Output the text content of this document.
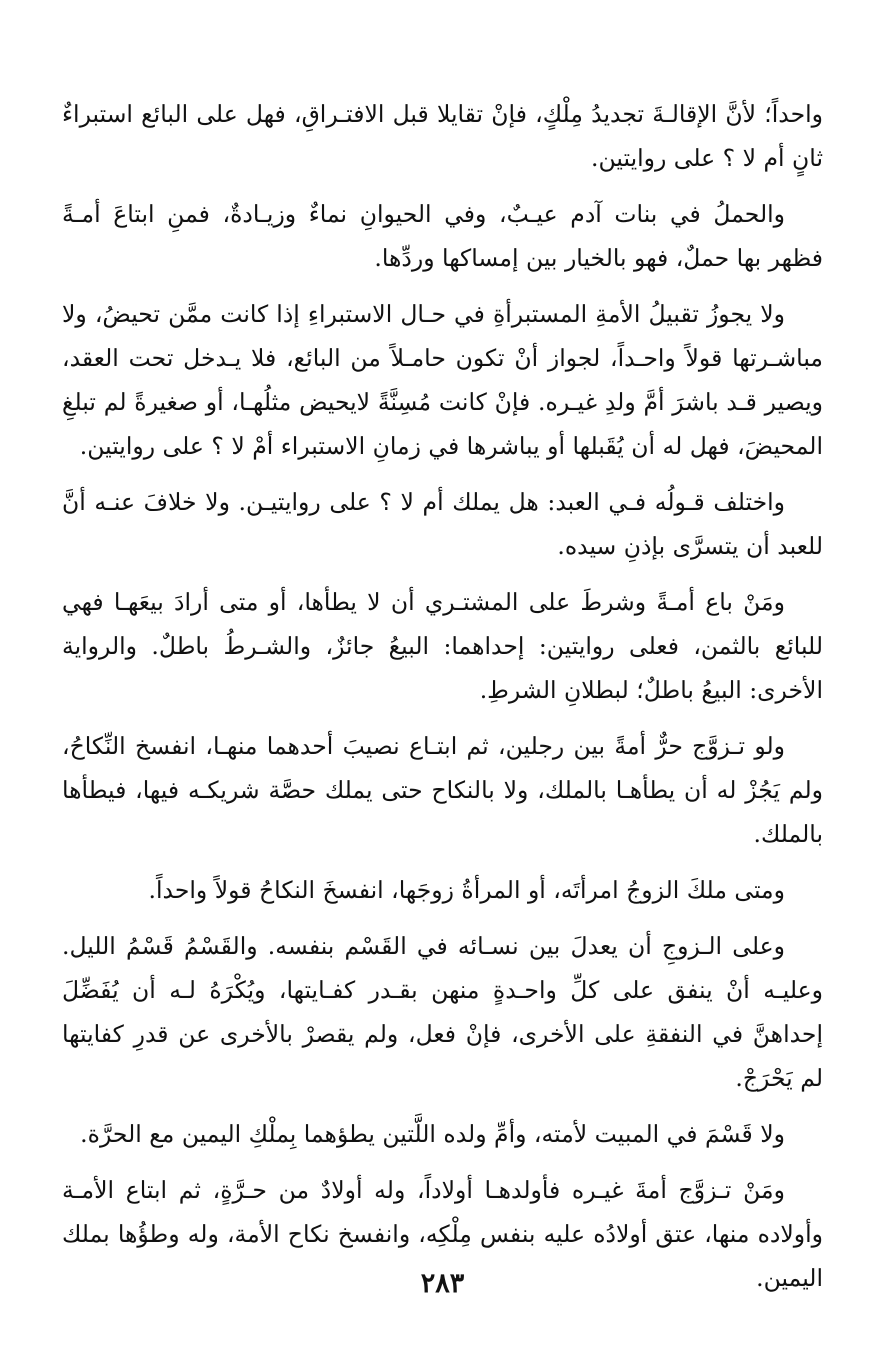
واحداً؛ لأنَّ الإقالـةَ تجديدُ مِلْكٍ، فإنْ تقايلا قبل الافتـراقِ، فهل على البائع استبراءٌ ثانٍ أم لا ؟ على روايتين.

والحملُ في بنات آدم عيـبٌ، وفي الحيوانِ نماءٌ وزيـادةٌ، فمنِ ابتاعَ أمـةً فظهر بها حملٌ، فهو بالخيار بين إمساكها وردِّها.

ولا يجوزُ تقبيلُ الأمةِ المستبرأةِ في حـال الاستبراءِ إذا كانت ممَّن تحيضُ، ولا مباشـرتها قولاً واحـداً، لجواز أنْ تكون حامـلاً من البائع، فلا يـدخل تحت العقد، ويصير قـد باشرَ أمَّ ولدِ غيـره. فإنْ كانت مُسِنَّةً لايحيض مثلُهـا، أو صغيرةً لم تبلغِ المحيضَ، فهل له أن يُقَبلها أو يباشرها في زمانِ الاستبراء أمْ لا ؟ على روايتين.

واختلف قـولُه فـي العبد: هل يملك أم لا ؟ على روايتيـن. ولا خلافَ عنـه أنَّ للعبد أن يتسرَّى بإذنِ سيده.

ومَنْ باع أمـةً وشرطَ على المشتـري أن لا يطأها، أو متى أرادَ بيعَهـا فهي للبائع بالثمن، فعلى روايتين: إحداهما: البيعُ جائزٌ، والشـرطُ باطلٌ. والرواية الأخرى: البيعُ باطلٌ؛ لبطلانِ الشرطِ.

ولو تـزوَّج حرٌّ أمةً بين رجلين، ثم ابتـاع نصيبَ أحدهما منهـا، انفسخ النِّكاحُ، ولم يَجُزْ له أن يطأهـا بالملك، ولا بالنكاح حتى يملك حصَّة شريكـه فيها، فيطأها بالملك.

ومتى ملكَ الزوجُ امرأتَه، أو المرأةُ زوجَها، انفسخَ النكاحُ قولاً واحداً.

وعلى الـزوجِ أن يعدلَ بين نسـائه في القَسْم بنفسه. والقَسْمُ قَسْمُ الليل. وعليـه أنْ ينفق على كلِّ واحـدةٍ منهن بقـدر كفـايتها، ويُكْرَهُ لـه أن يُفَضِّلَ إحداهنَّ في النفقةِ على الأخرى، فإنْ فعل، ولم يقصرْ بالأخرى عن قدرِ كفايتها لم يَحْرَجْ.

ولا قَسْمَ في المبيت لأمته، وأمِّ ولده اللَّتين يطؤهما بِملْكِ اليمين مع الحرَّة.

ومَنْ تـزوَّج أمةَ غيـره فأولدهـا أولاداً، وله أولادٌ من حـرَّةٍ، ثم ابتاع الأمـة وأولاده منها، عتق أولادُه عليه بنفس مِلْكِه، وانفسخ نكاح الأمة، وله وطؤُها بملك اليمين.

٢٨٣
